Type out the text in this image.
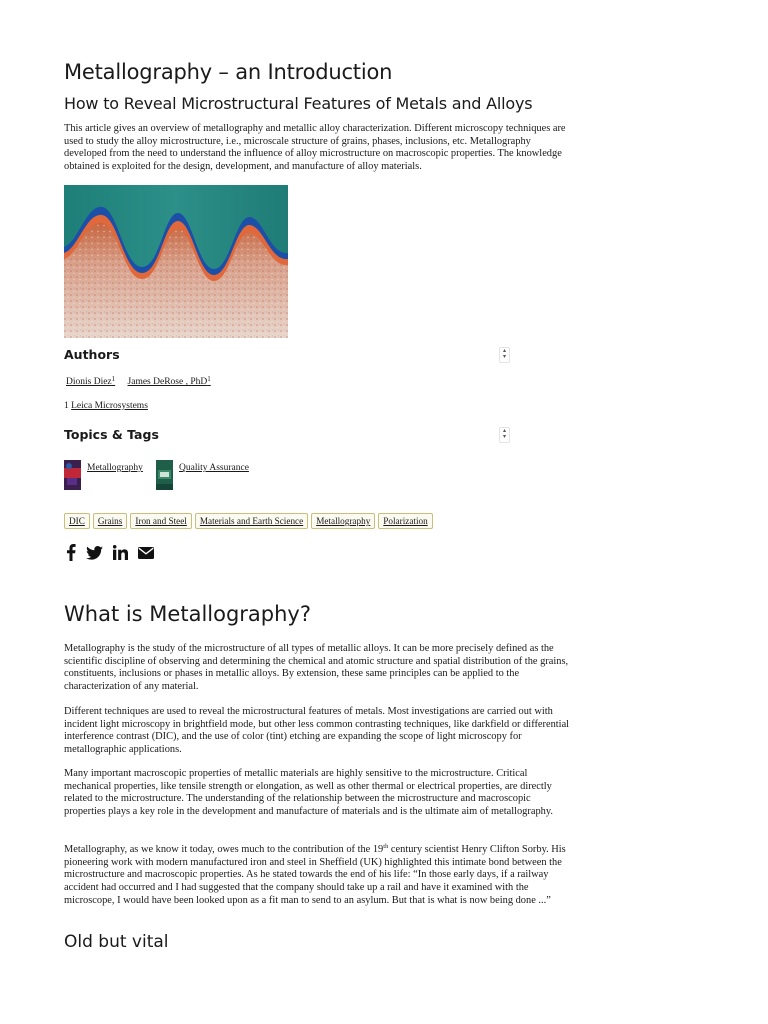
Metallography – an Introduction
How to Reveal Microstructural Features of Metals and Alloys

This article gives an overview of metallography and metallic alloy characterization. Different microscopy techniques are used to study the alloy microstructure, i.e., microscale structure of grains, phases, inclusions, etc. Metallography developed from the need to understand the influence of alloy microstructure on macroscopic properties. The knowledge obtained is exploited for the design, development, and manufacture of alloy materials.

Authors	▴
▾
Dionis Diez$^1$ James DeRose , PhD$^1$
1 Leica Microsystems
Topics & Tags	▴
▾
Metallography	Quality Assurance
DIC	Grains	Iron and Steel	Materials and Earth Science	Metallography	Polarization
What is Metallography?

Metallography is the study of the microstructure of all types of metallic alloys. It can be more precisely defined as the scientific discipline of observing and determining the chemical and atomic structure and spatial distribution of the grains, constituents, inclusions or phases in metallic alloys. By extension, these same principles can be applied to the characterization of any material.

Different techniques are used to reveal the microstructural features of metals. Most investigations are carried out with incident light microscopy in brightfield mode, but other less common contrasting techniques, like darkfield or differential interference contrast (DIC), and the use of color (tint) etching are expanding the scope of light microscopy for metallographic applications.

Many important macroscopic properties of metallic materials are highly sensitive to the microstructure. Critical mechanical properties, like tensile strength or elongation, as well as other thermal or electrical properties, are directly related to the microstructure. The understanding of the relationship between the microstructure and macroscopic properties plays a key role in the development and manufacture of materials and is the ultimate aim of metallography.

Metallography, as we know it today, owes much to the contribution of the 19th century scientist Henry Clifton Sorby. His pioneering work with modern manufactured iron and steel in Sheffield (UK) highlighted this intimate bond between the microstructure and macroscopic properties. As he stated towards the end of his life: “In those early days, if a railway accident had occurred and I had suggested that the company should take up a rail and have it examined with the microscope, I would have been looked upon as a fit man to send to an asylum. But that is what is now being done ...”

Old but vital
